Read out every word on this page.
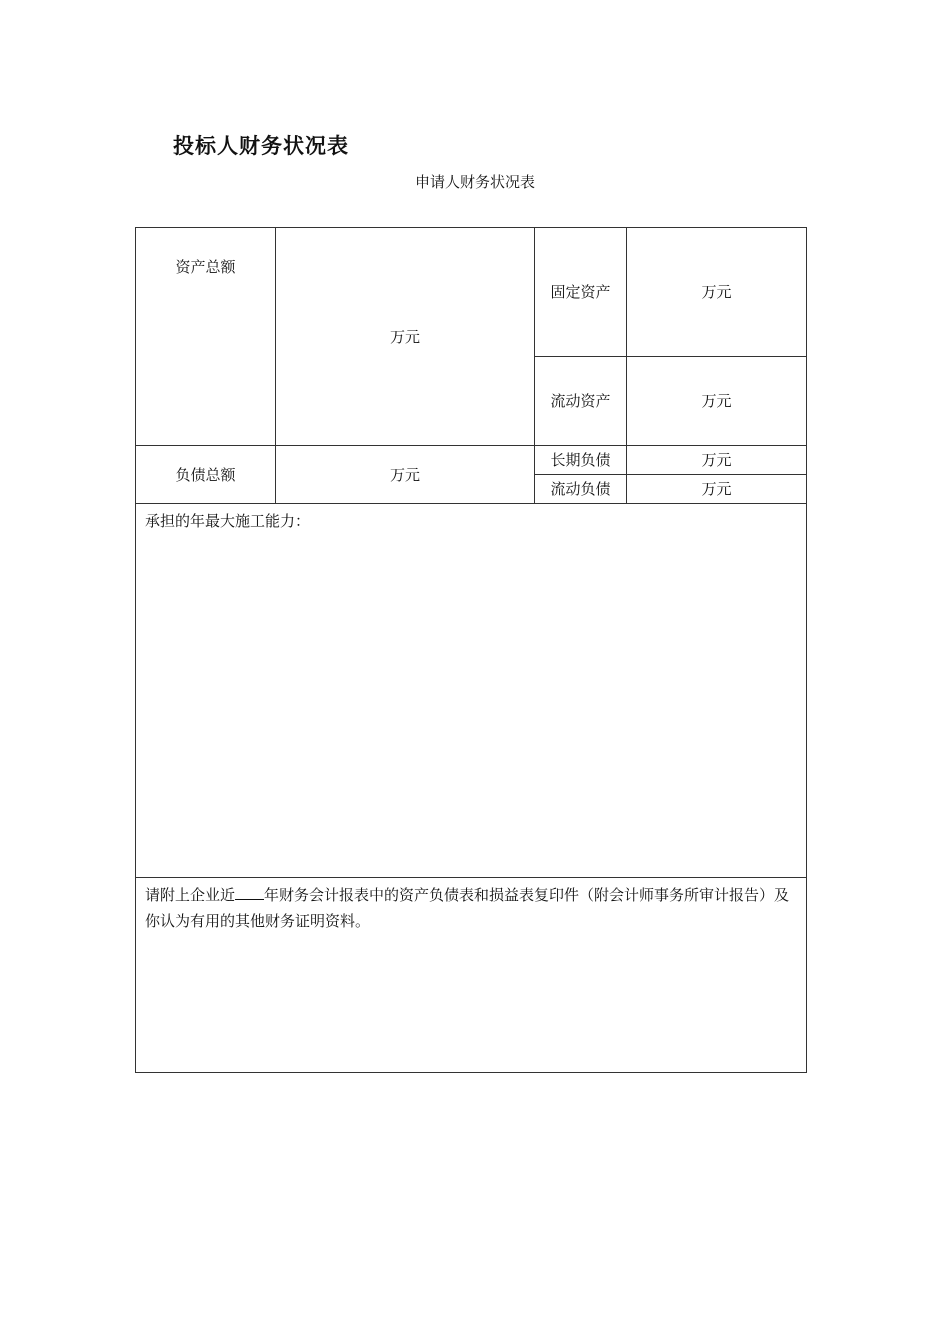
投标人财务状况表
申请人财务状况表
资产总额	万元	固定资产	万元
		流动资产	万元
负债总额	万元	长期负债	万元
		流动负债	万元
承担的年最大施工能力：			
请附上企业近 年财务会计报表中的资产负债表和损益表复印件（附会计师事务所审计报告）及你认为有用的其他财务证明资料。			
